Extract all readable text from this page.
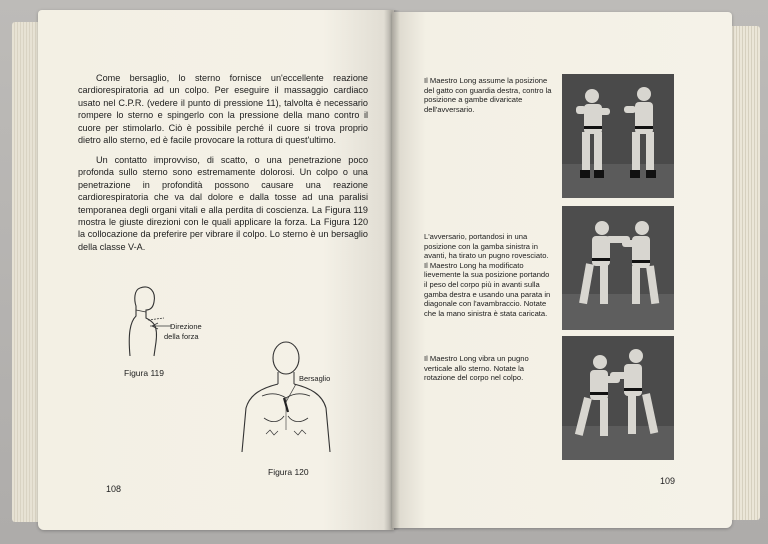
Come bersaglio, lo sterno fornisce un'eccellente reazione cardiorespiratoria ad un colpo. Per eseguire il massaggio cardiaco usato nel C.P.R. (vedere il punto di pressione 11), talvolta è necessario rompere lo sterno e spingerlo con la pressione della mano contro il cuore per stimolarlo. Ciò è possibile perché il cuore si trova proprio dietro allo sterno, ed è facile provocare la rottura di quest'ultimo.

Un contatto improvviso, di scatto, o una penetrazione poco profonda sullo sterno sono estremamente dolorosi. Un colpo o una penetrazione in profondità possono causare una reazione cardiorespiratoria che va dal dolore e dalla tosse ad una paralisi temporanea degli organi vitali e alla perdita di coscienza. La Figura 119 mostra le giuste direzioni con le quali applicare la forza. La Figura 120 la collocazione da preferire per vibrare il colpo. Lo sterno è un bersaglio della classe V-A.

Direzione
della forza
Figura 119
Bersaglio
Figura 120
108

Il Maestro Long assume la posizione del gatto con guardia destra, contro la posizione a gambe divaricate dell'avversario.

L'avversario, portandosi in una posizione con la gamba sinistra in avanti, ha tirato un pugno rovesciato. Il Maestro Long ha modificato lievemente la sua posizione portando il peso del corpo più in avanti sulla gamba destra e usando una parata in diagonale con l'avambraccio. Notate che la mano sinistra è stata caricata.

Il Maestro Long vibra un pugno verticale allo sterno. Notate la rotazione del corpo nel colpo.

109
